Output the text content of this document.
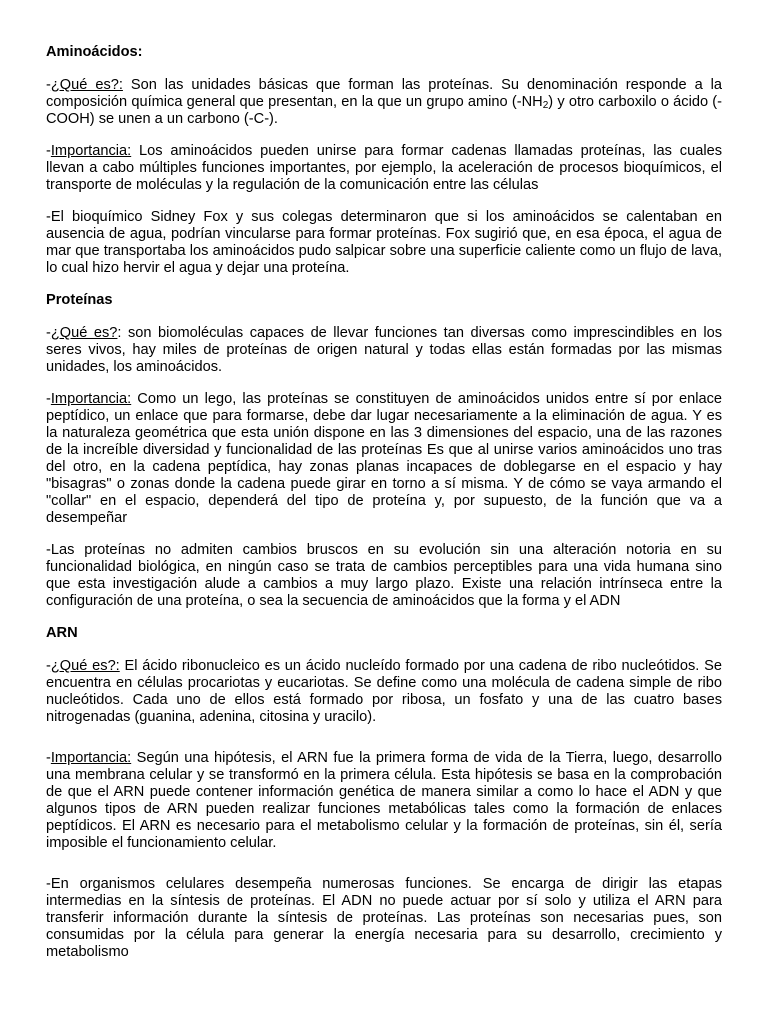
Aminoácidos:

-¿Qué es?: Son las unidades básicas que forman las proteínas. Su denominación responde a la composición química general que presentan, en la que un grupo amino $(-NH_2)$ y otro carboxilo o ácido (-COOH) se unen a un carbono (-C-).

-Importancia: Los aminoácidos pueden unirse para formar cadenas llamadas proteínas, las cuales llevan a cabo múltiples funciones importantes, por ejemplo, la aceleración de procesos bioquímicos, el transporte de moléculas y la regulación de la comunicación entre las células

-El bioquímico Sidney Fox y sus colegas determinaron que si los aminoácidos se calentaban en ausencia de agua, podrían vincularse para formar proteínas. Fox sugirió que, en esa época, el agua de mar que transportaba los aminoácidos pudo salpicar sobre una superficie caliente como un flujo de lava, lo cual hizo hervir el agua y dejar una proteína.

Proteínas

-¿Qué es?: son biomoléculas capaces de llevar funciones tan diversas como imprescindibles en los seres vivos, hay miles de proteínas de origen natural y todas ellas están formadas por las mismas unidades, los aminoácidos.

-Importancia: Como un lego, las proteínas se constituyen de aminoácidos unidos entre sí por enlace peptídico, un enlace que para formarse, debe dar lugar necesariamente a la eliminación de agua. Y es la naturaleza geométrica que esta unión dispone en las 3 dimensiones del espacio, una de las razones de la increíble diversidad y funcionalidad de las proteínas Es que al unirse varios aminoácidos uno tras del otro, en la cadena peptídica, hay zonas planas incapaces de doblegarse en el espacio y hay "bisagras" o zonas donde la cadena puede girar en torno a sí misma. Y de cómo se vaya armando el "collar" en el espacio, dependerá del tipo de proteína y, por supuesto, de la función que va a desempeñar

-Las proteínas no admiten cambios bruscos en su evolución sin una alteración notoria en su funcionalidad biológica, en ningún caso se trata de cambios perceptibles para una vida humana sino que esta investigación alude a cambios a muy largo plazo. Existe una relación intrínseca entre la configuración de una proteína, o sea la secuencia de aminoácidos que la forma y el ADN

ARN

-¿Qué es?: El ácido ribonucleico es un ácido nucleído formado por una cadena de ribo nucleótidos. Se encuentra en células procariotas y eucariotas. Se define como una molécula de cadena simple de ribo nucleótidos. Cada uno de ellos está formado por ribosa, un fosfato y una de las cuatro bases nitrogenadas (guanina, adenina, citosina y uracilo).

-Importancia: Según una hipótesis, el ARN fue la primera forma de vida de la Tierra, luego, desarrollo una membrana celular y se transformó en la primera célula. Esta hipótesis se basa en la comprobación de que el ARN puede contener información genética de manera similar a como lo hace el ADN y que algunos tipos de ARN pueden realizar funciones metabólicas tales como la formación de enlaces peptídicos. El ARN es necesario para el metabolismo celular y la formación de proteínas, sin él, sería imposible el funcionamiento celular.

-En organismos celulares desempeña numerosas funciones. Se encarga de dirigir las etapas intermedias en la síntesis de proteínas. El ADN no puede actuar por sí solo y utiliza el ARN para transferir información durante la síntesis de proteínas. Las proteínas son necesarias pues, son consumidas por la célula para generar la energía necesaria para su desarrollo, crecimiento y metabolismo
